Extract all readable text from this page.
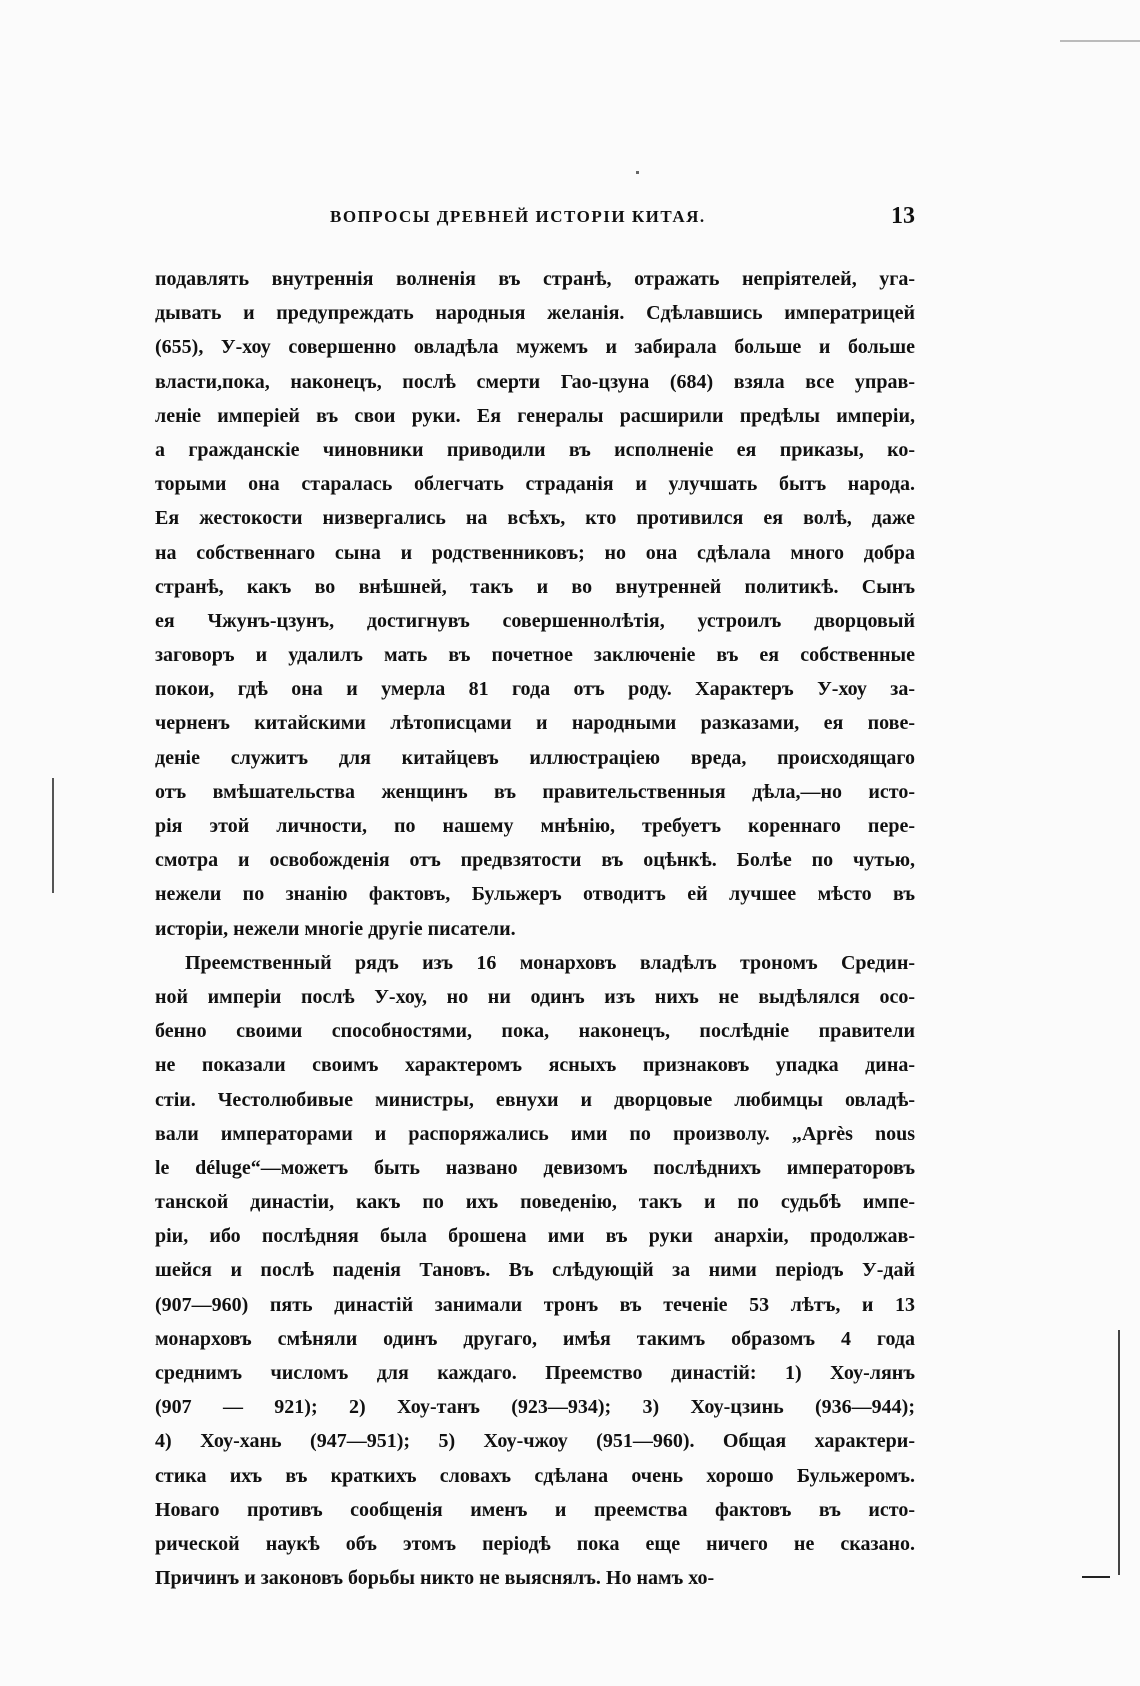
ВОПРОСЫ ДРЕВНЕЙ ИСТОРІИ КИТАЯ.	13
подавлять внутреннія волненія въ странѣ, отражать непріятелей, уга-
дывать и предупреждать народныя желанія. Сдѣлавшись императрицей
(655), У-хоу совершенно овладѣла мужемъ и забирала больше и больше
власти,пока, наконецъ, послѣ смерти Гао-цзуна (684) взяла все управ-
леніе имперіей въ свои руки. Ея генералы расширили предѣлы имперіи,
а гражданскіе чиновники приводили въ исполненіе ея приказы, ко-
торыми она старалась облегчать страданія и улучшать бытъ народа.
Ея жестокости низвергались на всѣхъ, кто противился ея волѣ, даже
на собственнаго сына и родственниковъ; но она сдѣлала много добра
странѣ, какъ во внѣшней, такъ и во внутренней политикѣ. Сынъ
ея Чжунъ-цзунъ, достигнувъ совершеннолѣтія, устроилъ дворцовый
заговоръ и удалилъ мать въ почетное заключеніе въ ея собственные
покои, гдѣ она и умерла 81 года отъ роду. Характеръ У-хоу за-
черненъ китайскими лѣтописцами и народными разказами, ея пове-
деніе служитъ для китайцевъ иллюстраціею вреда, происходящаго
отъ вмѣшательства женщинъ въ правительственныя дѣла,—но исто-
рія этой личности, по нашему мнѣнію, требуетъ кореннаго пере-
смотра и освобожденія отъ предвзятости въ оцѣнкѣ. Болѣе по чутью,
нежели по знанію фактовъ, Бульжеръ отводитъ ей лучшее мѣсто въ
исторіи, нежели многіе другіе писатели.
Преемственный рядъ изъ 16 монарховъ владѣлъ трономъ Средин-
ной имперіи послѣ У-хоу, но ни одинъ изъ нихъ не выдѣлялся осо-
бенно своими способностями, пока, наконецъ, послѣдніе правители
не показали своимъ характеромъ ясныхъ признаковъ упадка дина-
стіи. Честолюбивые министры, евнухи и дворцовые любимцы овладѣ-
вали императорами и распоряжались ими по произволу. „Après nous
le déluge“—можетъ быть названо девизомъ послѣднихъ императоровъ
танской династіи, какъ по ихъ поведенію, такъ и по судьбѣ импе-
ріи, ибо послѣдняя была брошена ими въ руки анархіи, продолжав-
шейся и послѣ паденія Тановъ. Въ слѣдующій за ними періодъ У-дай
(907—960) пять династій занимали тронъ въ теченіе 53 лѣтъ, и 13
монарховъ смѣняли одинъ другаго, имѣя такимъ образомъ 4 года
среднимъ числомъ для каждаго. Преемство династій: 1) Хоу-лянъ
(907 — 921); 2) Хоу-танъ (923—934); 3) Хоу-цзинь (936—944);
4) Хоу-хань (947—951); 5) Хоу-чжоу (951—960). Общая характери-
стика ихъ въ краткихъ словахъ сдѣлана очень хорошо Бульжеромъ.
Новаго противъ сообщенія именъ и преемства фактовъ въ исто-
рической наукѣ объ этомъ періодѣ пока еще ничего не сказано.
Причинъ и законовъ борьбы никто не выяснялъ. Но намъ хо-
